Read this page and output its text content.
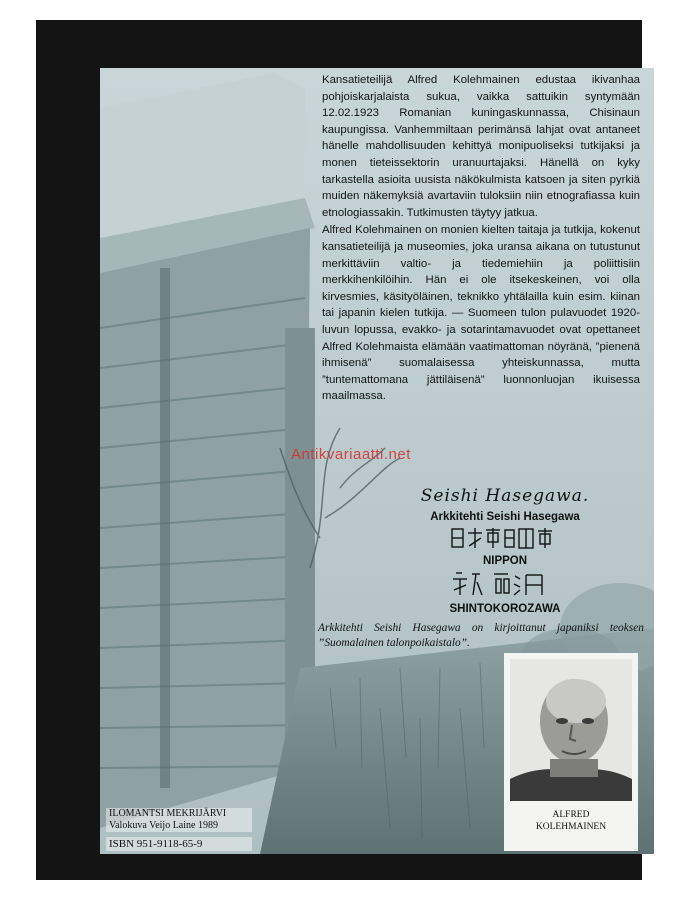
Kansatieteilijä Alfred Kolehmainen edustaa ikivanhaa pohjoiskarjalaista sukua, vaikka sattuikin syntymään 12.02.1923 Romanian kuningaskunnassa, Chisinaun kaupungissa. Vanhemmiltaan perimänsä lahjat ovat antaneet hänelle mahdollisuuden kehittyä monipuoliseksi tutkijaksi ja monen tieteissektorin uranuurtajaksi. Hänellä on kyky tarkastella asioita uusista näkökulmista katsoen ja siten pyrkiä muiden näkemyksiä avartaviin tuloksiin niin etnografiassa kuin etnologiassakin. Tutkimusten täytyy jatkua.

Alfred Kolehmainen on monien kielten taitaja ja tutkija, kokenut kansatieteilijä ja museomies, joka uransa aikana on tutustunut merkittäviin valtio- ja tiedemiehiin ja poliittisiin merkkihenkilöihin. Hän ei ole itsekeskeinen, voi olla kirvesmies, käsityöläinen, teknikko yhtälailla kuin esim. kiinan tai japanin kielen tutkija. — Suomeen tulon pulavuodet 1920-luvun lopussa, evakko- ja sotarintamavuodet ovat opettaneet Alfred Kolehmaista elämään vaatimattoman nöyränä, ”pienenä ihmisenä” suomalaisessa yhteiskunnassa, mutta ”tuntemattomana jättiläisenä” luonnonluojan ikuisessa maailmassa.

Seishi Hasegawa.
Arkkitehti Seishi Hasegawa
NIPPON
SHINTOKOROZAWA
Arkkitehti Seishi Hasegawa on kirjoittanut japaniksi teoksen ”Suomalainen talonpoikaistalo”.
ALFRED
KOLEHMAINEN
ILOMANTSI MEKRIJÄRVI
Valokuva Veijo Laine 1989
ISBN 951-9118-65-9
Antikvariaatti.net
